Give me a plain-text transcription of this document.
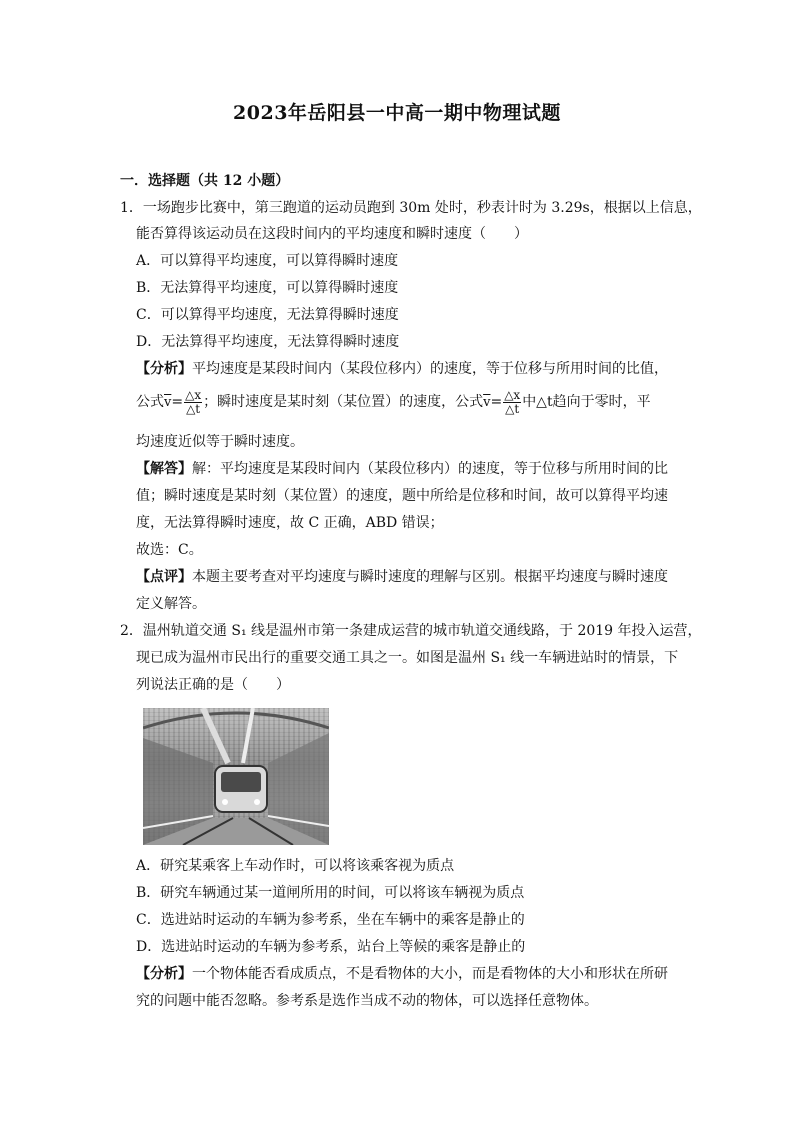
2023年岳阳县一中高一期中物理试题
一．选择题（共 12 小题）
1．一场跑步比赛中，第三跑道的运动员跑到 30m 处时，秒表计时为 3.29s，根据以上信息，
能否算得该运动员在这段时间内的平均速度和瞬时速度（　　）
A．可以算得平均速度，可以算得瞬时速度
B．无法算得平均速度，可以算得瞬时速度
C．可以算得平均速度，无法算得瞬时速度
D．无法算得平均速度，无法算得瞬时速度
【分析】平均速度是某段时间内（某段位移内）的速度，等于位移与所用时间的比值，
公式$\overline{v}= \frac{\triangle x}{\triangle t}$ ；瞬时速度是某时刻（某位置）的速度，公式$\overline{v}= \frac{\triangle x}{\triangle t}$ 中△t趋向于零时，平
均速度近似等于瞬时速度。
【解答】解：平均速度是某段时间内（某段位移内）的速度，等于位移与所用时间的比
值；瞬时速度是某时刻（某位置）的速度，题中所给是位移和时间，故可以算得平均速
度，无法算得瞬时速度，故 C 正确，ABD 错误；
故选：C。
【点评】本题主要考查对平均速度与瞬时速度的理解与区别。根据平均速度与瞬时速度
定义解答。
2．温州轨道交通 S₁ 线是温州市第一条建成运营的城市轨道交通线路，于 2019 年投入运营，
现已成为温州市民出行的重要交通工具之一。如图是温州 S₁ 线一车辆进站时的情景，下
列说法正确的是（　　）
A．研究某乘客上车动作时，可以将该乘客视为质点
B．研究车辆通过某一道闸所用的时间，可以将该车辆视为质点
C．选进站时运动的车辆为参考系，坐在车辆中的乘客是静止的
D．选进站时运动的车辆为参考系，站台上等候的乘客是静止的
【分析】一个物体能否看成质点，不是看物体的大小，而是看物体的大小和形状在所研
究的问题中能否忽略。参考系是选作当成不动的物体，可以选择任意物体。
